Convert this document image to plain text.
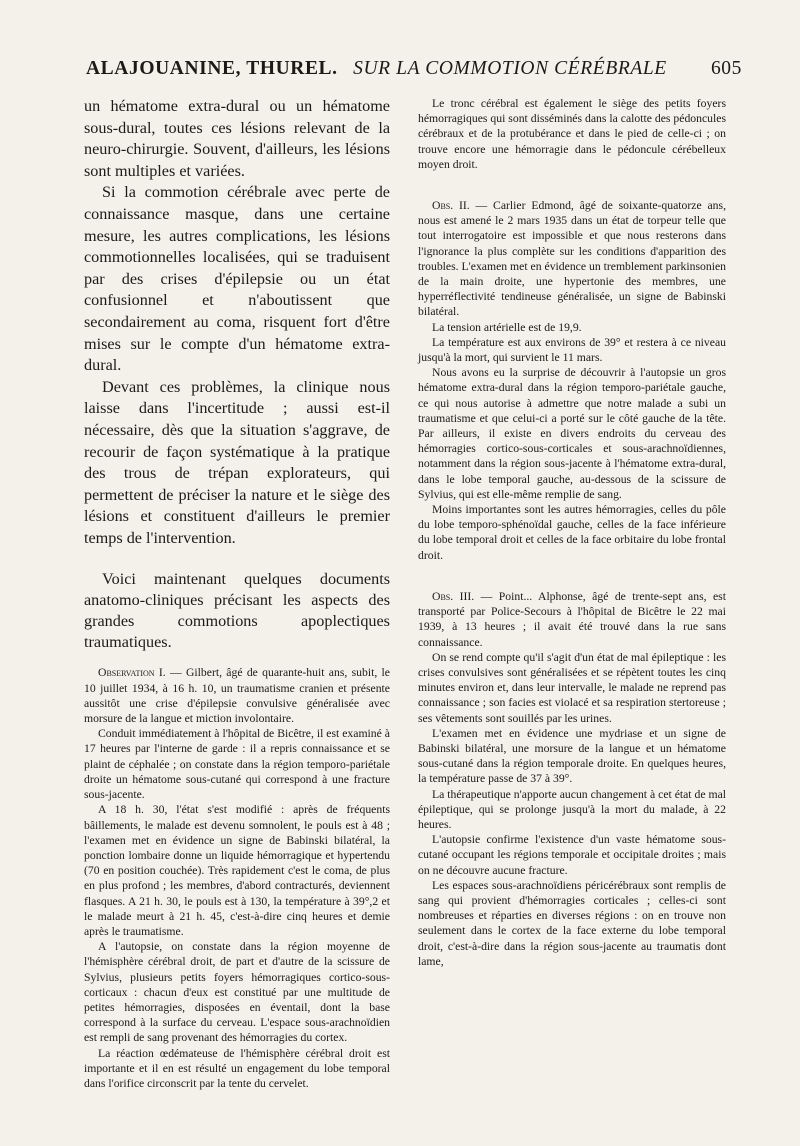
ALAJOUANINE, THUREL. SUR LA COMMOTION CÉRÉBRALE 605

un hématome extra-dural ou un hématome sous-dural, toutes ces lésions relevant de la neuro-chirurgie. Souvent, d'ailleurs, les lésions sont multiples et variées.

Si la commotion cérébrale avec perte de connaissance masque, dans une certaine mesure, les autres complications, les lésions commotionnelles localisées, qui se traduisent par des crises d'épilepsie ou un état confusionnel et n'aboutissent que secondairement au coma, risquent fort d'être mises sur le compte d'un hématome extra-dural.

Devant ces problèmes, la clinique nous laisse dans l'incertitude ; aussi est-il nécessaire, dès que la situation s'aggrave, de recourir de façon systématique à la pratique des trous de trépan explorateurs, qui permettent de préciser la nature et le siège des lésions et constituent d'ailleurs le premier temps de l'intervention.

Voici maintenant quelques documents anatomo-cliniques précisant les aspects des grandes commotions apoplectiques traumatiques.

Observation I. — Gilbert, âgé de quarante-huit ans, subit, le 10 juillet 1934, à 16 h. 10, un traumatisme cranien et présente aussitôt une crise d'épilepsie convulsive généralisée avec morsure de la langue et miction involontaire.

Conduit immédiatement à l'hôpital de Bicêtre, il est examiné à 17 heures par l'interne de garde : il a repris connaissance et se plaint de céphalée ; on constate dans la région temporo-pariétale droite un hématome sous-cutané qui correspond à une fracture sous-jacente.

A 18 h. 30, l'état s'est modifié : après de fréquents bâillements, le malade est devenu somnolent, le pouls est à 48 ; l'examen met en évidence un signe de Babinski bilatéral, la ponction lombaire donne un liquide hémorragique et hypertendu (70 en position couchée). Très rapidement c'est le coma, de plus en plus profond ; les membres, d'abord contracturés, deviennent flasques. A 21 h. 30, le pouls est à 130, la température à 39°,2 et le malade meurt à 21 h. 45, c'est-à-dire cinq heures et demie après le traumatisme.

A l'autopsie, on constate dans la région moyenne de l'hémisphère cérébral droit, de part et d'autre de la scissure de Sylvius, plusieurs petits foyers hémorragiques cortico-sous-corticaux : chacun d'eux est constitué par une multitude de petites hémorragies, disposées en éventail, dont la base correspond à la surface du cerveau. L'espace sous-arachnoïdien est rempli de sang provenant des hémorragies du cortex.

La réaction œdémateuse de l'hémisphère cérébral droit est importante et il en est résulté un engagement du lobe temporal dans l'orifice circonscrit par la tente du cervelet.

Le tronc cérébral est également le siège des petits foyers hémorragiques qui sont disséminés dans la calotte des pédoncules cérébraux et de la protubérance et dans le pied de celle-ci ; on trouve encore une hémorragie dans le pédoncule cérébelleux moyen droit.

Obs. II. — Carlier Edmond, âgé de soixante-quatorze ans, nous est amené le 2 mars 1935 dans un état de torpeur telle que tout interrogatoire est impossible et que nous resterons dans l'ignorance la plus complète sur les conditions d'apparition des troubles. L'examen met en évidence un tremblement parkinsonien de la main droite, une hypertonie des membres, une hyperréflectivité tendineuse généralisée, un signe de Babinski bilatéral.

La tension artérielle est de 19,9.

La température est aux environs de 39° et restera à ce niveau jusqu'à la mort, qui survient le 11 mars.

Nous avons eu la surprise de découvrir à l'autopsie un gros hématome extra-dural dans la région temporo-pariétale gauche, ce qui nous autorise à admettre que notre malade a subi un traumatisme et que celui-ci a porté sur le côté gauche de la tête. Par ailleurs, il existe en divers endroits du cerveau des hémorragies cortico-sous-corticales et sous-arachnoïdiennes, notamment dans la région sous-jacente à l'hématome extra-dural, dans le lobe temporal gauche, au-dessous de la scissure de Sylvius, qui est elle-même remplie de sang.

Moins importantes sont les autres hémorragies, celles du pôle du lobe temporo-sphénoïdal gauche, celles de la face inférieure du lobe temporal droit et celles de la face orbitaire du lobe frontal droit.

Obs. III. — Point... Alphonse, âgé de trente-sept ans, est transporté par Police-Secours à l'hôpital de Bicêtre le 22 mai 1939, à 13 heures ; il avait été trouvé dans la rue sans connaissance.

On se rend compte qu'il s'agit d'un état de mal épileptique : les crises convulsives sont généralisées et se répètent toutes les cinq minutes environ et, dans leur intervalle, le malade ne reprend pas connaissance ; son facies est violacé et sa respiration stertoreuse ; ses vêtements sont souillés par les urines.

L'examen met en évidence une mydriase et un signe de Babinski bilatéral, une morsure de la langue et un hématome sous-cutané dans la région temporale droite. En quelques heures, la température passe de 37 à 39°.

La thérapeutique n'apporte aucun changement à cet état de mal épileptique, qui se prolonge jusqu'à la mort du malade, à 22 heures.

L'autopsie confirme l'existence d'un vaste hématome sous-cutané occupant les régions temporale et occipitale droites ; mais on ne découvre aucune fracture.

Les espaces sous-arachnoïdiens péricérébraux sont remplis de sang qui provient d'hémorragies corticales ; celles-ci sont nombreuses et réparties en diverses régions : on en trouve non seulement dans le cortex de la face externe du lobe temporal droit, c'est-à-dire dans la région sous-jacente au traumatis dont lame,
